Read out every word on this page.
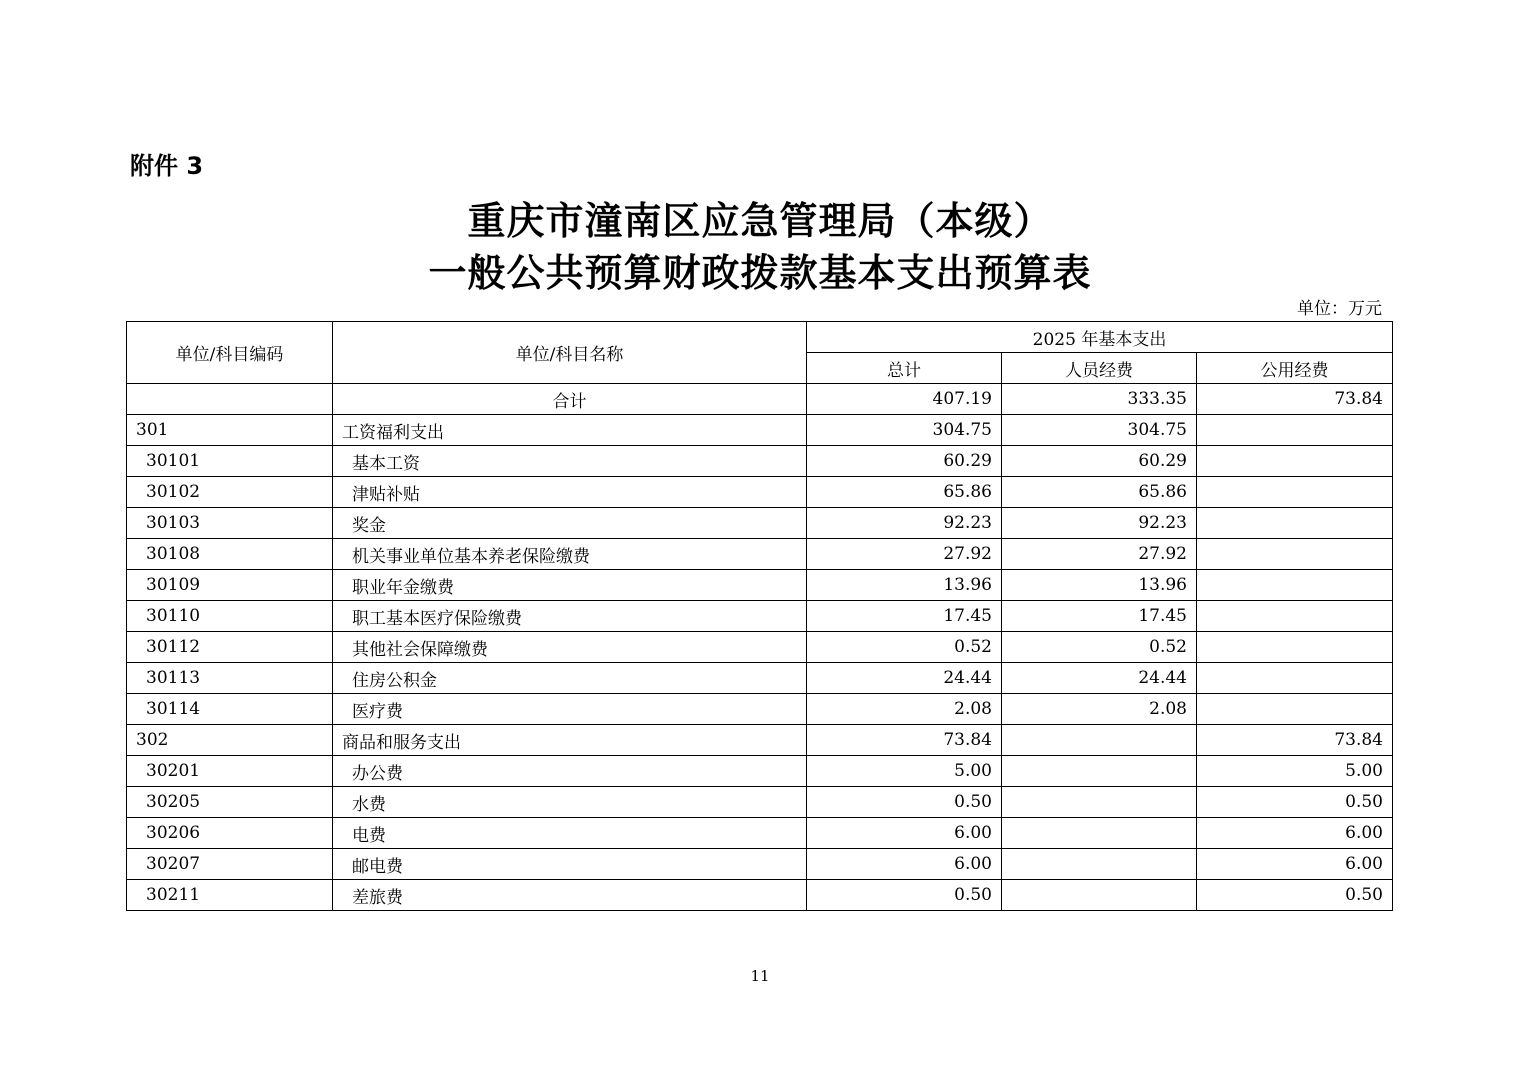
附件 3
重庆市潼南区应急管理局（本级）
一般公共预算财政拨款基本支出预算表
单位：万元
单位/科目编码	单位/科目名称	2025 年基本支出		
		总计	人员经费	公用经费
	合计	407.19	333.35	73.84
301	工资福利支出	304.75	304.75	
30101	基本工资	60.29	60.29	
30102	津贴补贴	65.86	65.86	
30103	奖金	92.23	92.23	
30108	机关事业单位基本养老保险缴费	27.92	27.92	
30109	职业年金缴费	13.96	13.96	
30110	职工基本医疗保险缴费	17.45	17.45	
30112	其他社会保障缴费	0.52	0.52	
30113	住房公积金	24.44	24.44	
30114	医疗费	2.08	2.08	
302	商品和服务支出	73.84		73.84
30201	办公费	5.00		5.00
30205	水费	0.50		0.50
30206	电费	6.00		6.00
30207	邮电费	6.00		6.00
30211	差旅费	0.50		0.50
11
